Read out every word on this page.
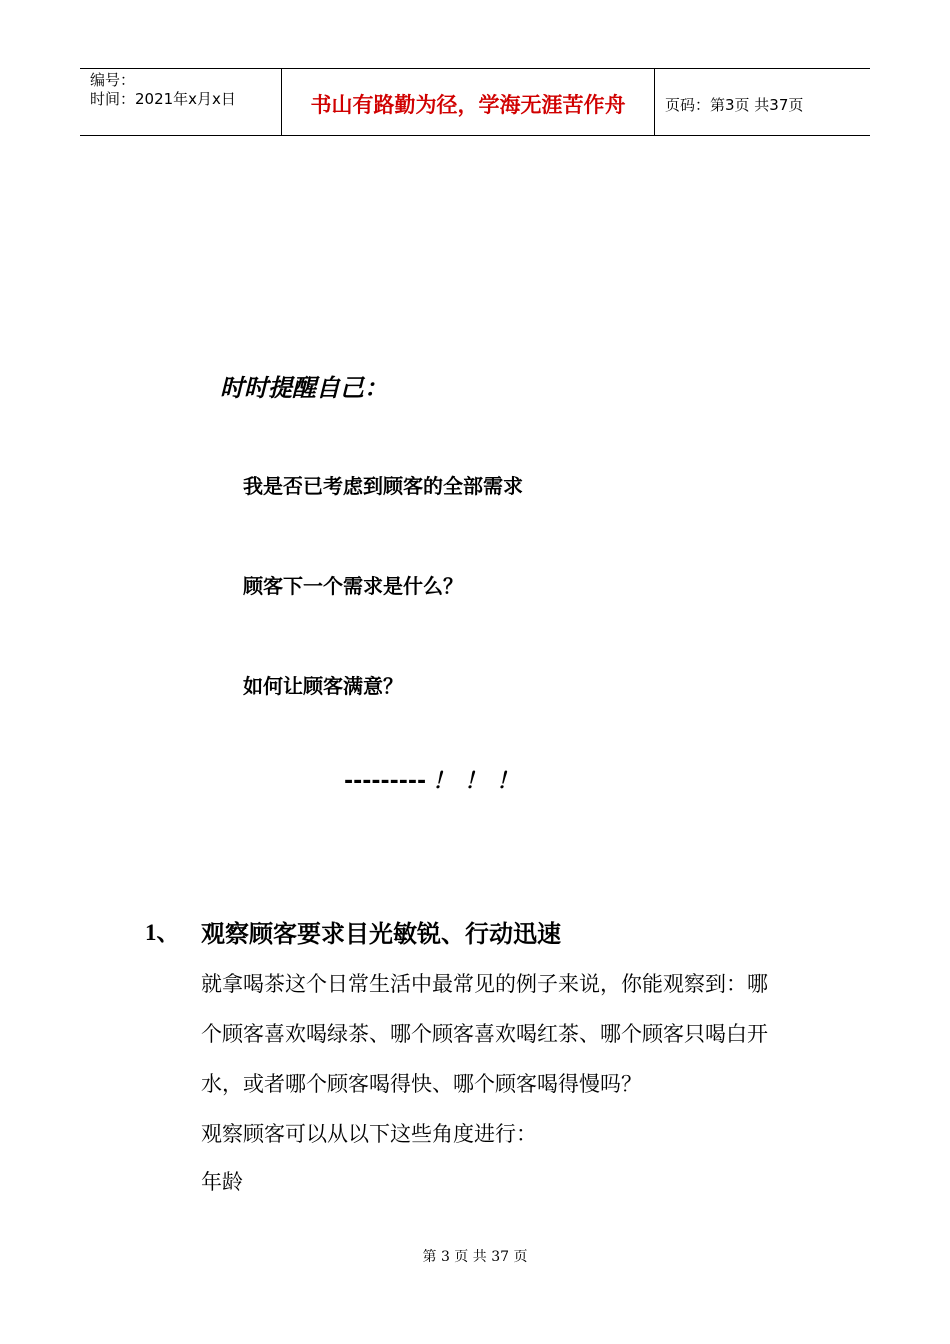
编号：
时间：2021年x月x日	书山有路勤为径，学海无涯苦作舟	页码：第3页 共37页
时时提醒自己：
我是否已考虑到顾客的全部需求
顾客下一个需求是什么？
如何让顾客满意？
--------- ！！！
1、 观察顾客要求目光敏锐、行动迅速
就拿喝茶这个日常生活中最常见的例子来说，你能观察到：哪
个顾客喜欢喝绿茶、哪个顾客喜欢喝红茶、哪个顾客只喝白开
水，或者哪个顾客喝得快、哪个顾客喝得慢吗？
观察顾客可以从以下这些角度进行：
年龄
第 3 页 共 37 页
